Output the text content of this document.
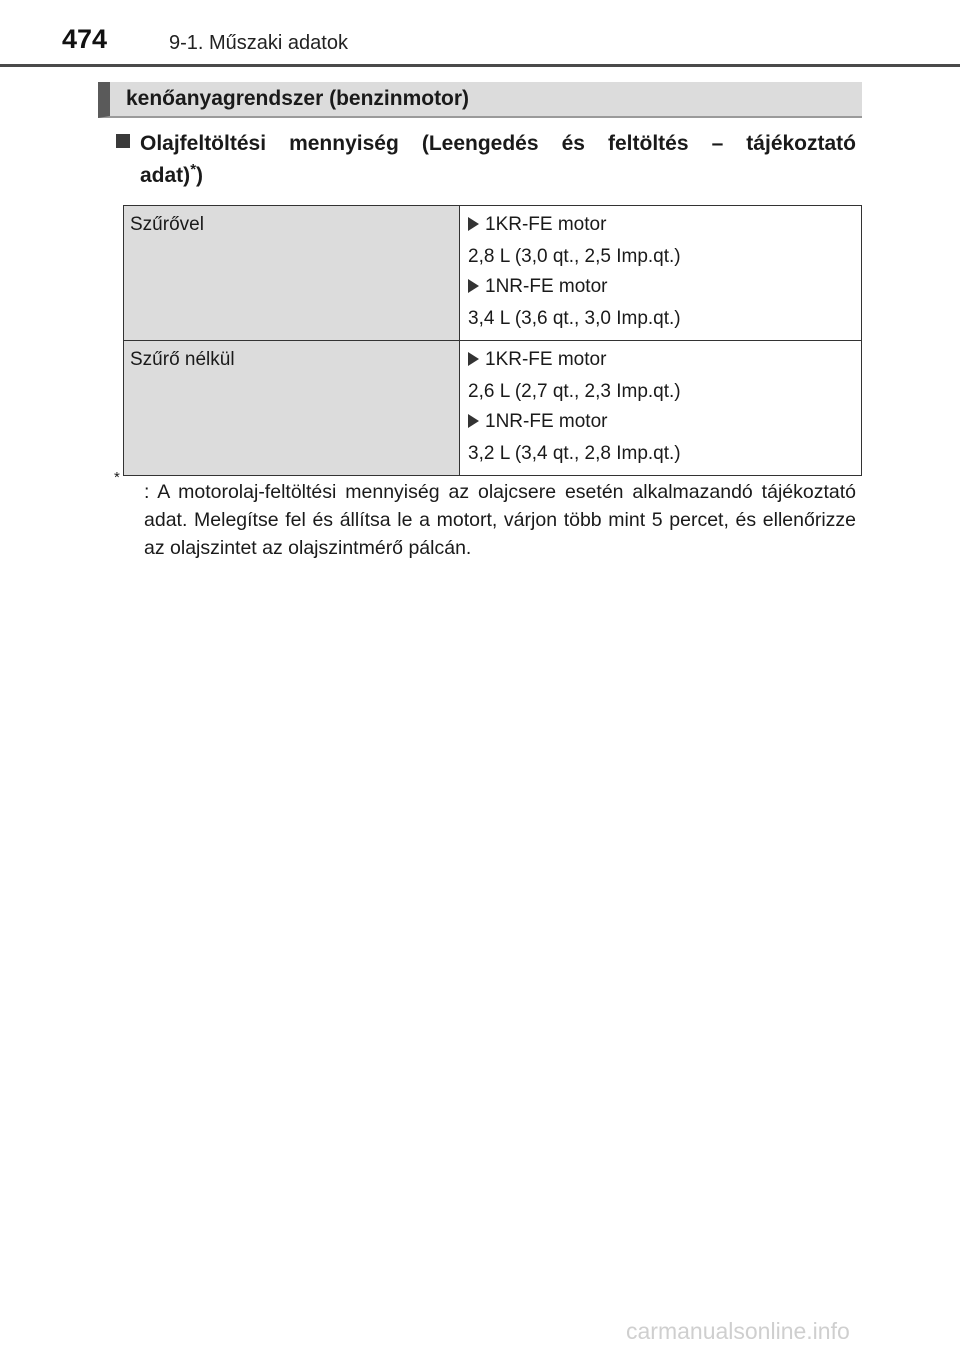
474	9-1. Műszaki adatok
kenőanyagrendszer (benzinmotor)
Olajfeltöltési mennyiség (Leengedés és feltöltés – tájékoztató
adat)*)
Szűrővel	1KR-FE motor
2,8 L (3,0 qt., 2,5 Imp.qt.)
1NR-FE motor
3,4 L (3,6 qt., 3,0 Imp.qt.)

Szűrő nélkül	1KR-FE motor
2,6 L (2,7 qt., 2,3 Imp.qt.)
1NR-FE motor
3,2 L (3,4 qt., 2,8 Imp.qt.)
*
: A motorolaj-feltöltési mennyiség az olajcsere esetén alkalmazandó tájékoztató adat. Melegítse fel és állítsa le a motort, várjon több mint 5 percet, és ellenőrizze az olajszintet az olajszintmérő pálcán.
carmanualsonline.info
